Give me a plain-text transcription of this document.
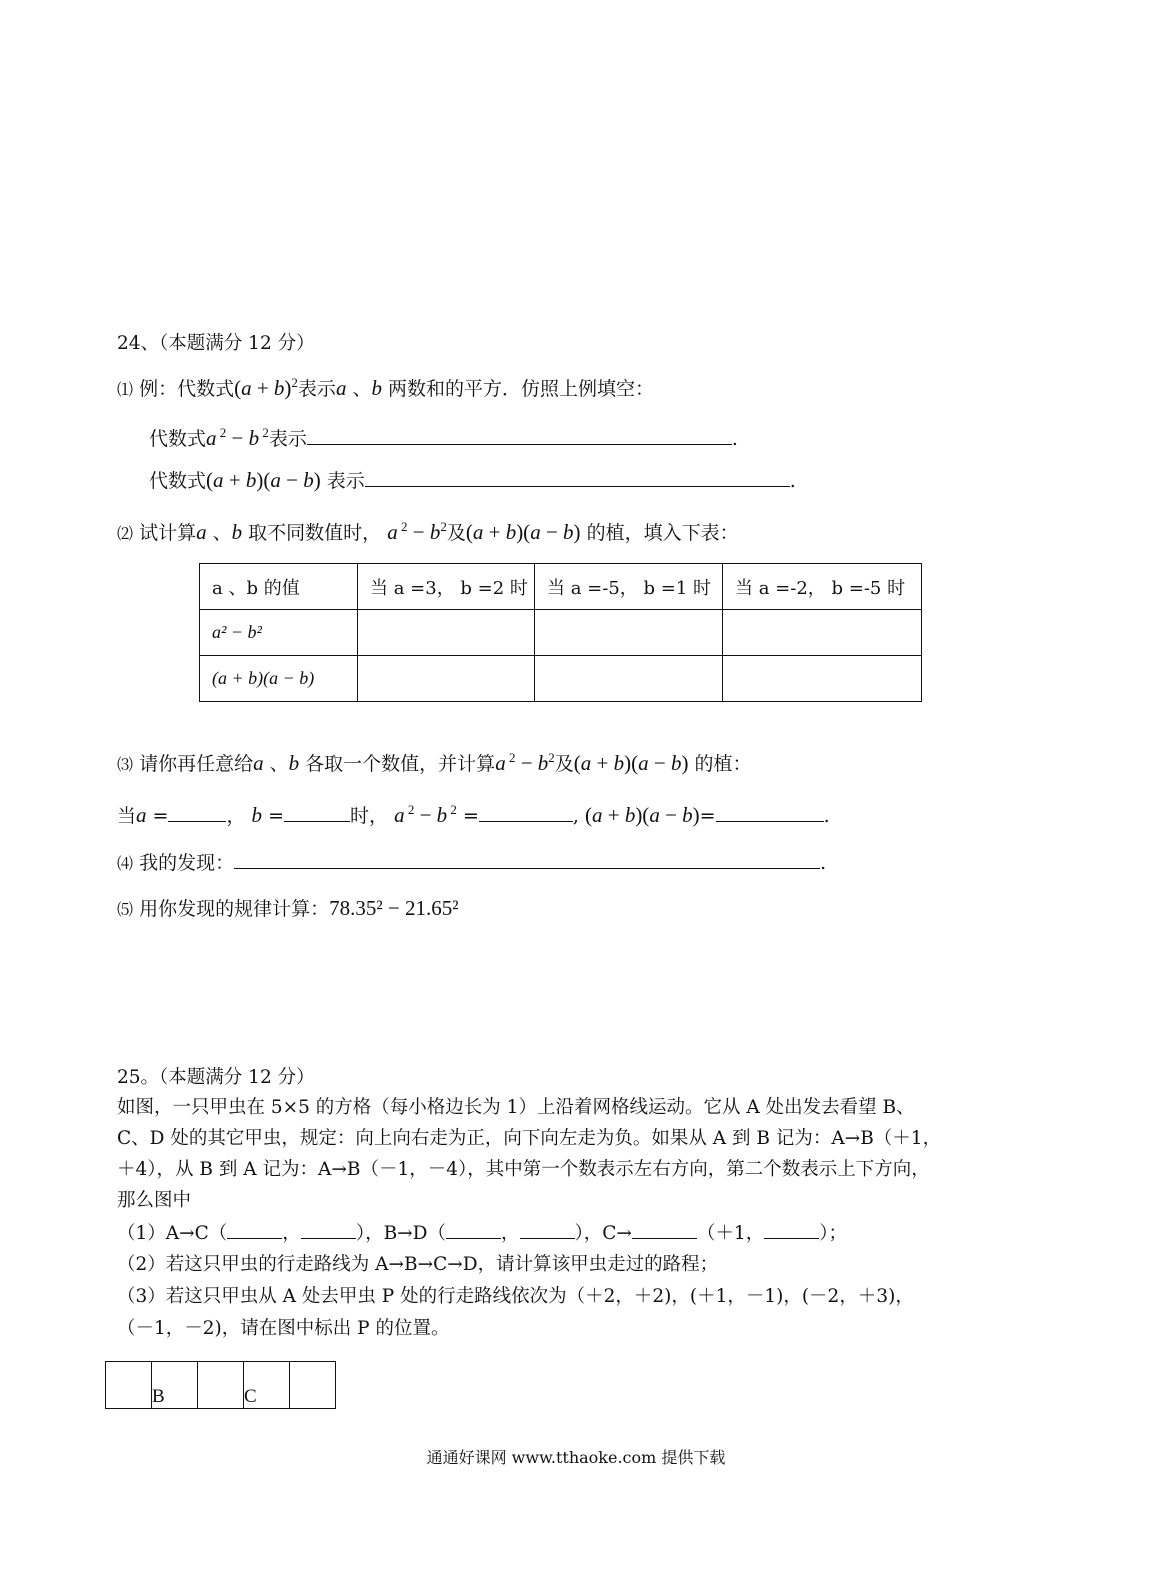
24、（本题满分 12 分）
⑴ 例：代数式$(a + b)^2$表示a 、b 两数和的平方．仿照上例填空：
代数式a $^2$ − b $^2$表示	.
代数式(a + b)(a − b) 表示	.
⑵ 试计算a 、b 取不同数值时， a $^2 - b^2$及(a + b)(a − b) 的植，填入下表：
a 、b 的值	当 a =3， b =2 时	当 a =-5， b =1 时	当 a =-2， b =-5 时
a² − b²			
(a + b)(a − b)			
⑶ 请你再任意给a 、b 各取一个数值，并计算a $^2 - b^2$及(a + b)(a − b) 的植：
当a =	， b =	时， a $^2$ − b $^2$ =	, (a + b)(a − b)=	.
⑷ 我的发现：	.
⑸ 用你发现的规律计算：78.35² − 21.65²
25。（本题满分 12 分）
如图，一只甲虫在 5×5 的方格（每小格边长为 1）上沿着网格线运动。它从 A 处出发去看望 B、
C、D 处的其它甲虫，规定：向上向右走为正，向下向左走为负。如果从 A 到 B 记为：A→B（＋1，
＋4），从 B 到 A 记为：A→B（－1，－4），其中第一个数表示左右方向，第二个数表示上下方向，
那么图中
（1）A→C（	，	），B→D（	，	），C→	（＋1，	）；
（2）若这只甲虫的行走路线为 A→B→C→D，请计算该甲虫走过的路程；
（3）若这只甲虫从 A 处去甲虫 P 处的行走路线依次为（＋2，＋2)，(＋1，－1)，(－2，＋3)，
（－1，－2)，请在图中标出 P 的位置。
	B		C	
通通好课网 www.tthaoke.com 提供下载
